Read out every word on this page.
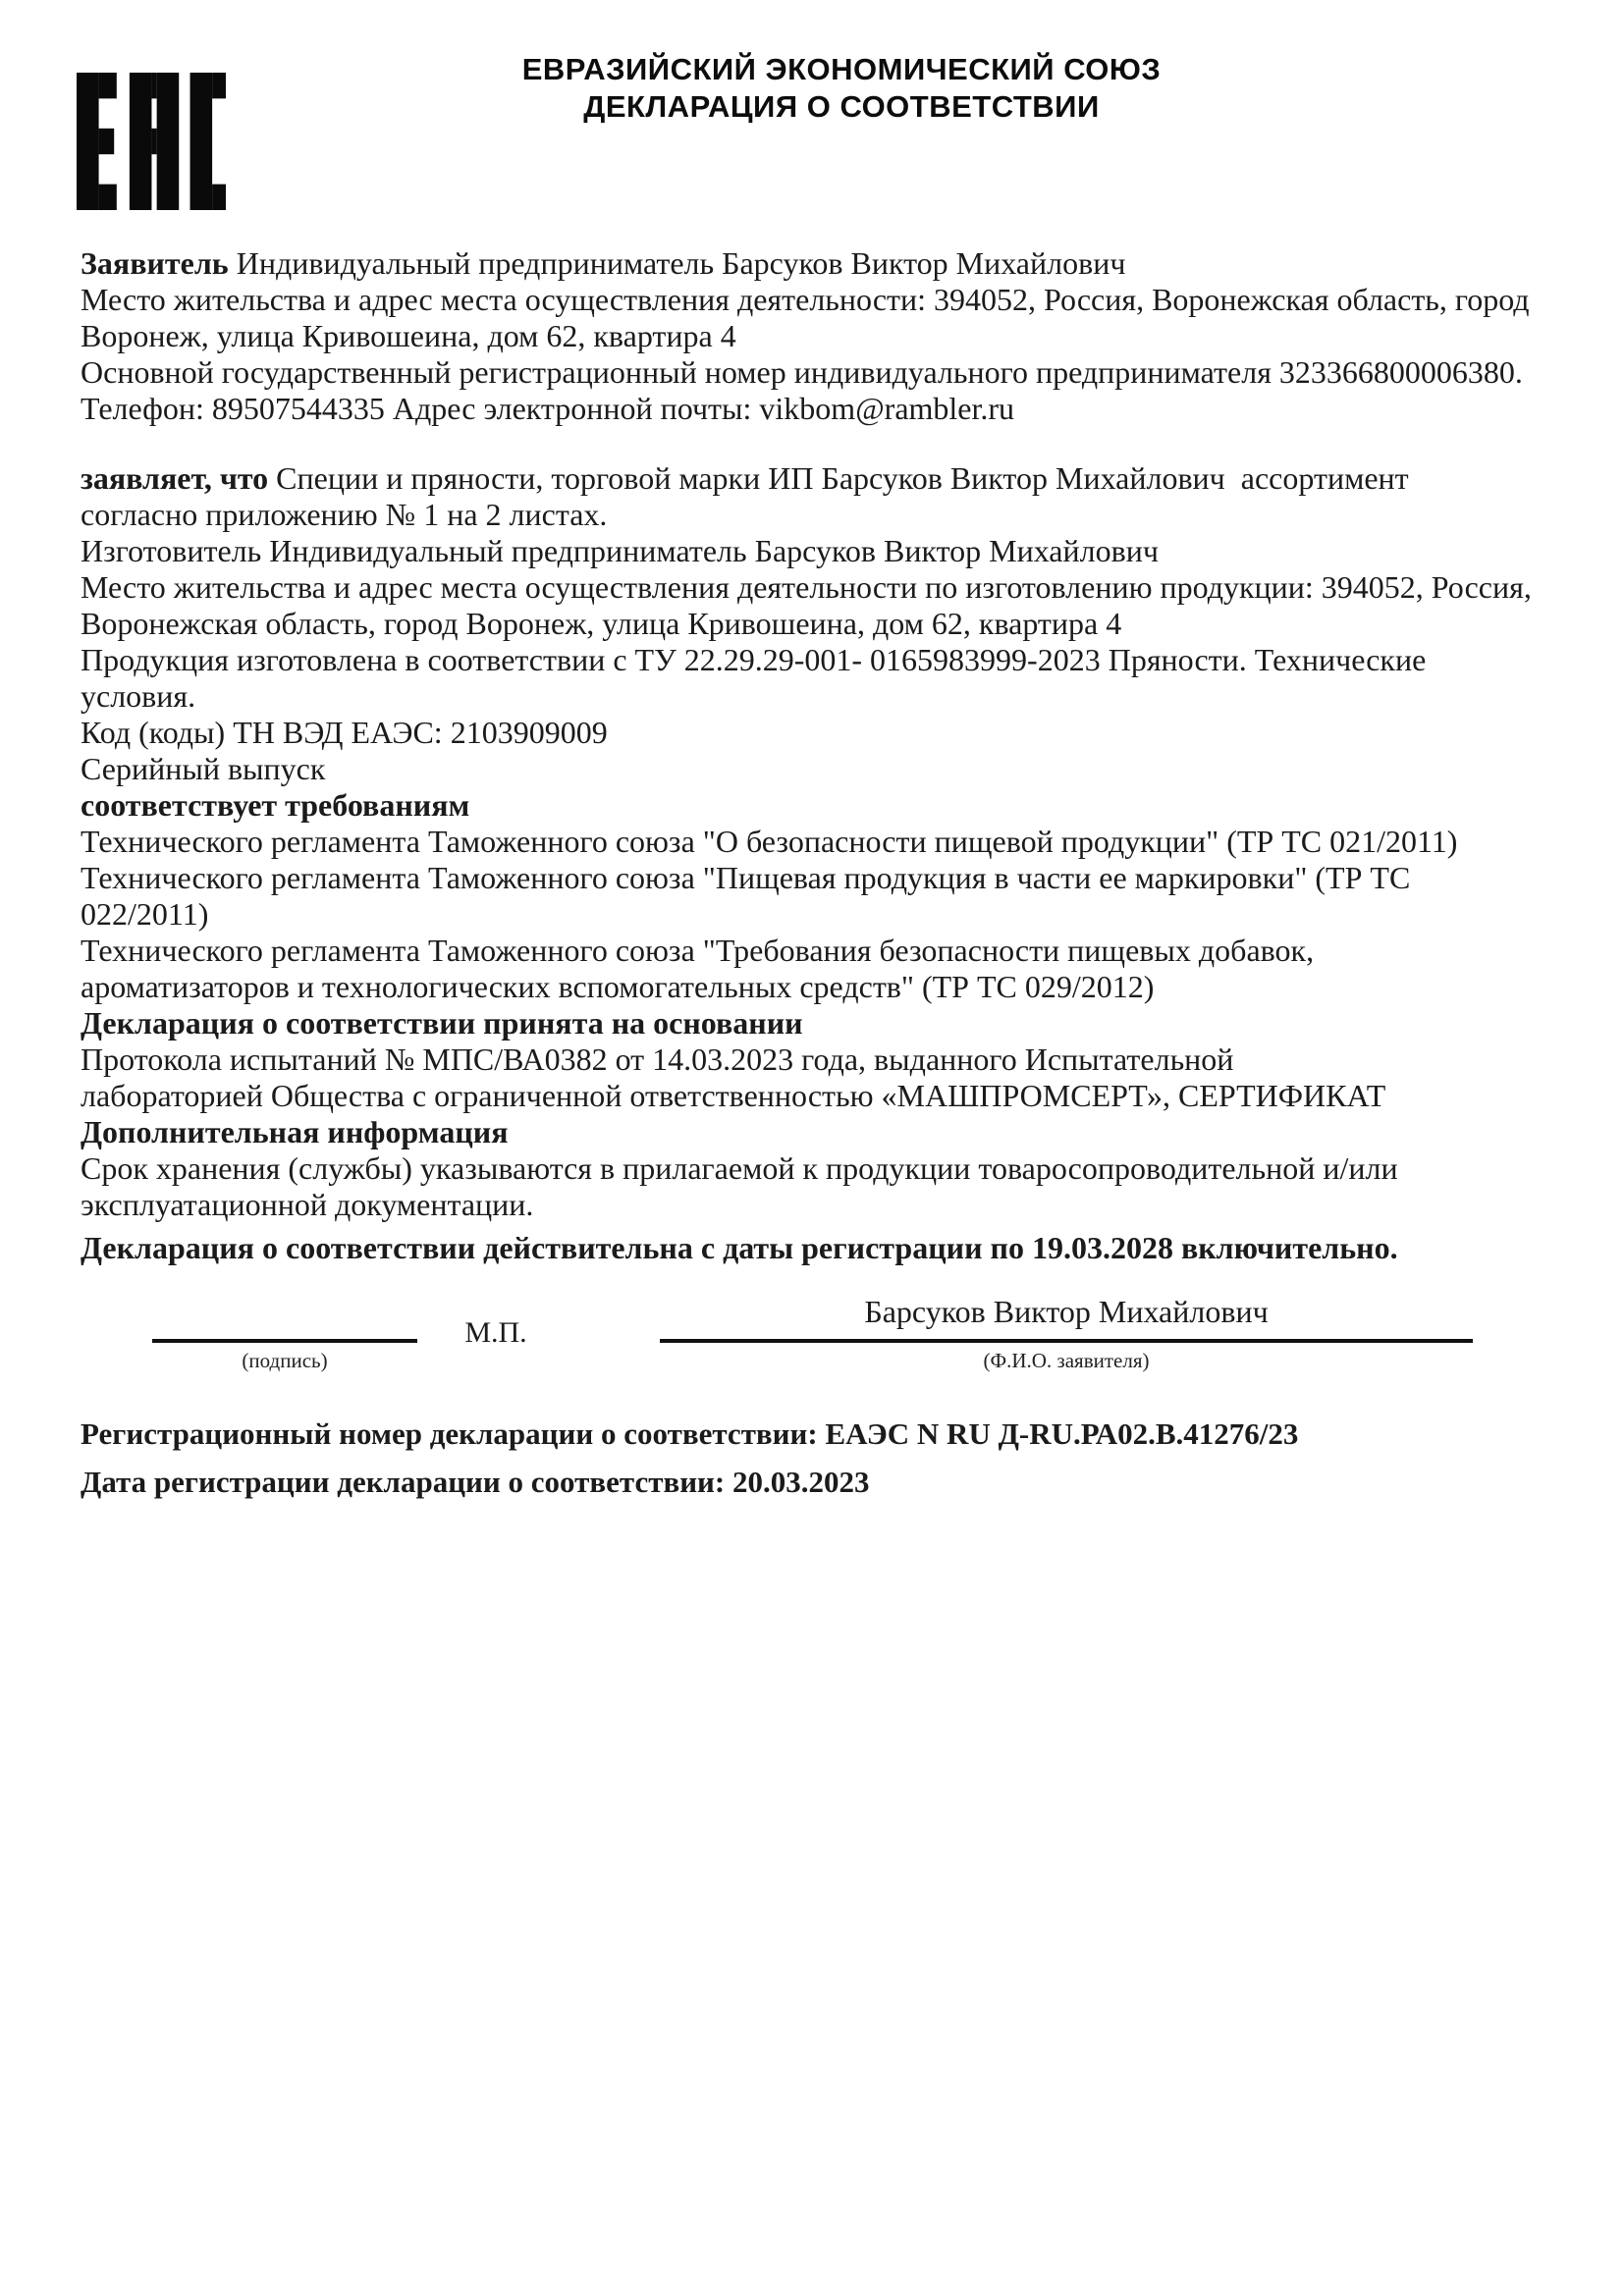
ЕВРАЗИЙСКИЙ ЭКОНОМИЧЕСКИЙ СОЮЗ
ДЕКЛАРАЦИЯ О СООТВЕТСТВИИ
Заявитель Индивидуальный предприниматель Барсуков Виктор Михайлович
Место жительства и адрес места осуществления деятельности: 394052, Россия, Воронежская область, город
Воронеж, улица Кривошеина, дом 62, квартира 4
Основной государственный регистрационный номер индивидуального предпринимателя 323366800006380.
Телефон: 89507544335 Адрес электронной почты: vikbom@rambler.ru
заявляет, что Специи и пряности, торговой марки ИП Барсуков Виктор Михайлович  ассортимент
согласно приложению № 1 на 2 листах.
Изготовитель Индивидуальный предприниматель Барсуков Виктор Михайлович
Место жительства и адрес места осуществления деятельности по изготовлению продукции: 394052, Россия,
Воронежская область, город Воронеж, улица Кривошеина, дом 62, квартира 4
Продукция изготовлена в соответствии с ТУ 22.29.29-001- 0165983999-2023 Пряности. Технические
условия.
Код (коды) ТН ВЭД ЕАЭС: 2103909009
Серийный выпуск
соответствует требованиям
Технического регламента Таможенного союза "О безопасности пищевой продукции" (ТР ТС 021/2011)
Технического регламента Таможенного союза "Пищевая продукция в части ее маркировки" (ТР ТС
022/2011)
Технического регламента Таможенного союза "Требования безопасности пищевых добавок,
ароматизаторов и технологических вспомогательных средств" (ТР ТС 029/2012)
Декларация о соответствии принята на основании
Протокола испытаний № МПС/ВА0382 от 14.03.2023 года, выданного Испытательной
лабораторией Общества с ограниченной ответственностью «МАШПРОМСЕРТ», СЕРТИФИКАТ
Дополнительная информация
Срок хранения (службы) указываются в прилагаемой к продукции товаросопроводительной и/или
эксплуатационной документации.
Декларация о соответствии действительна с даты регистрации по 19.03.2028 включительно.
Барсуков Виктор Михайлович
М.П.
(подпись)	(Ф.И.О. заявителя)
Регистрационный номер декларации о соответствии: ЕАЭС N RU Д-RU.РА02.В.41276/23
Дата регистрации декларации о соответствии: 20.03.2023
